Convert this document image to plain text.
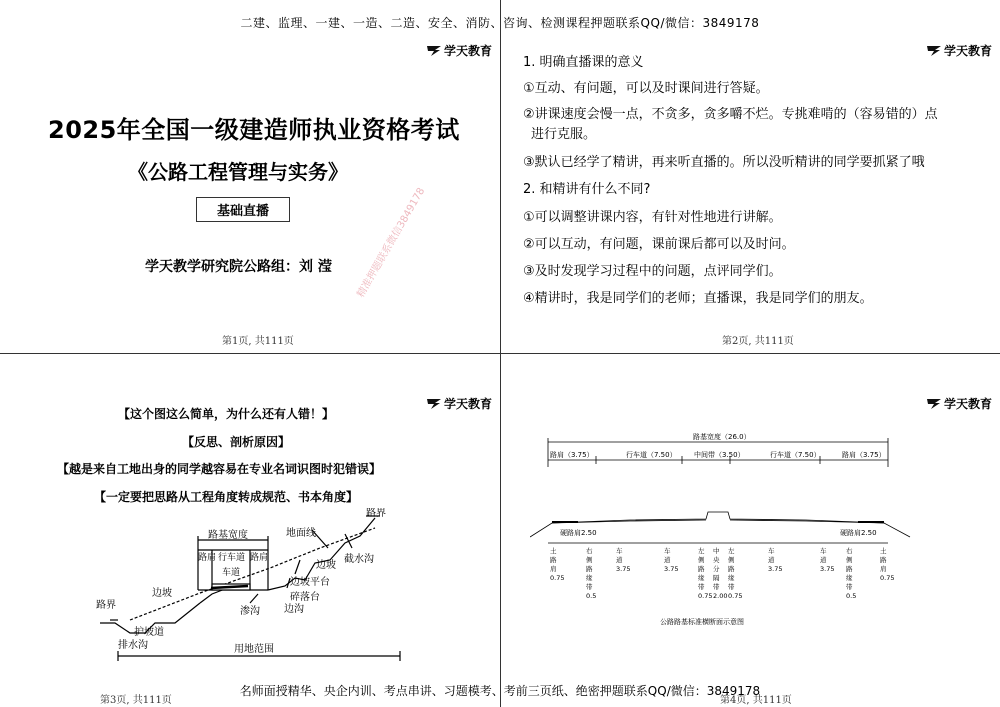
二建、监理、一建、一造、二造、安全、消防、咨询、检测课程押题联系QQ/微信：3849178
第3页, 共111页	第4页, 共111页
名师面授精华、央企内训、考点串讲、习题模考、考前三页纸、绝密押题联系QQ/微信：3849178
学天教育
2025年全国一级建造师执业资格考试
《公路工程管理与实务》
基础直播
学天教学研究院公路组：刘 滢
第1页, 共111页
精准押题联系微信3849178
学天教育
1. 明确直播课的意义
①互动、有问题，可以及时课间进行答疑。
②讲课速度会慢一点，不贪多，贪多嚼不烂。专挑难啃的（容易错的）点
进行克服。
③默认已经学了精讲，再来听直播的。所以没听精讲的同学要抓紧了哦
2. 和精讲有什么不同?
①可以调整讲课内容，有针对性地进行讲解。
②可以互动，有问题，课前课后都可以及时问。
③及时发现学习过程中的问题，点评同学们。
④精讲时，我是同学们的老师；直播课，我是同学们的朋友。
第2页, 共111页
学天教育
【这个图这么简单，为什么还有人错！】
【反思、剖析原因】
【越是来自工地出身的同学越容易在专业名词识图时犯错误】
【一定要把思路从工程角度转成规范、书本角度】
路基宽度
路肩 行车道 路肩
车道
地面线
路界
截水沟
边坡
边坡
边坡平台
碎落台
渗沟 边沟
路界
护坡道
排水沟	用地范围
学天教育
路基宽度（26.0）
路肩（3.75）	行车道（7.50） 中间带（3.50）	行车道（7.50）	路肩（3.75）
硬路肩2.50	硬路肩2.50
土
路
肩
0.75
右
侧
路
缘
带
0.5
车
道
3.75
车
道
3.75
左
侧
路
缘
带
0.75
中
央
分
隔
带
2.00
左
侧
路
缘
带
0.75
车
道
3.75
车
道
3.75
右
侧
路
缘
带
0.5
土
路
肩
0.75
公路路基标准横断面示意图
